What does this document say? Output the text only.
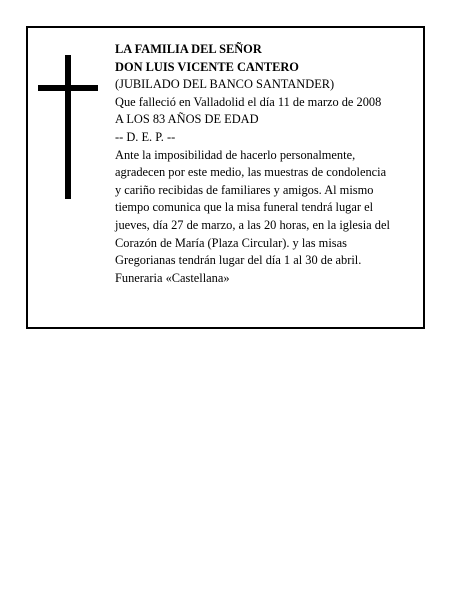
LA FAMILIA DEL SEÑOR
DON LUIS VICENTE CANTERO
(JUBILADO DEL BANCO SANTANDER)
Que falleció en Valladolid el día 11 de marzo de 2008
A LOS 83 AÑOS DE EDAD
-- D. E. P. --
Ante la imposibilidad de hacerlo personalmente,
agradecen por este medio, las muestras de condolencia
y cariño recibidas de familiares y amigos. Al mismo
tiempo comunica que la misa funeral tendrá lugar el
jueves, día 27 de marzo, a las 20 horas, en la iglesia del
Corazón de María (Plaza Circular). y las misas
Gregorianas tendrán lugar del día 1 al 30 de abril.
Funeraria «Castellana»
